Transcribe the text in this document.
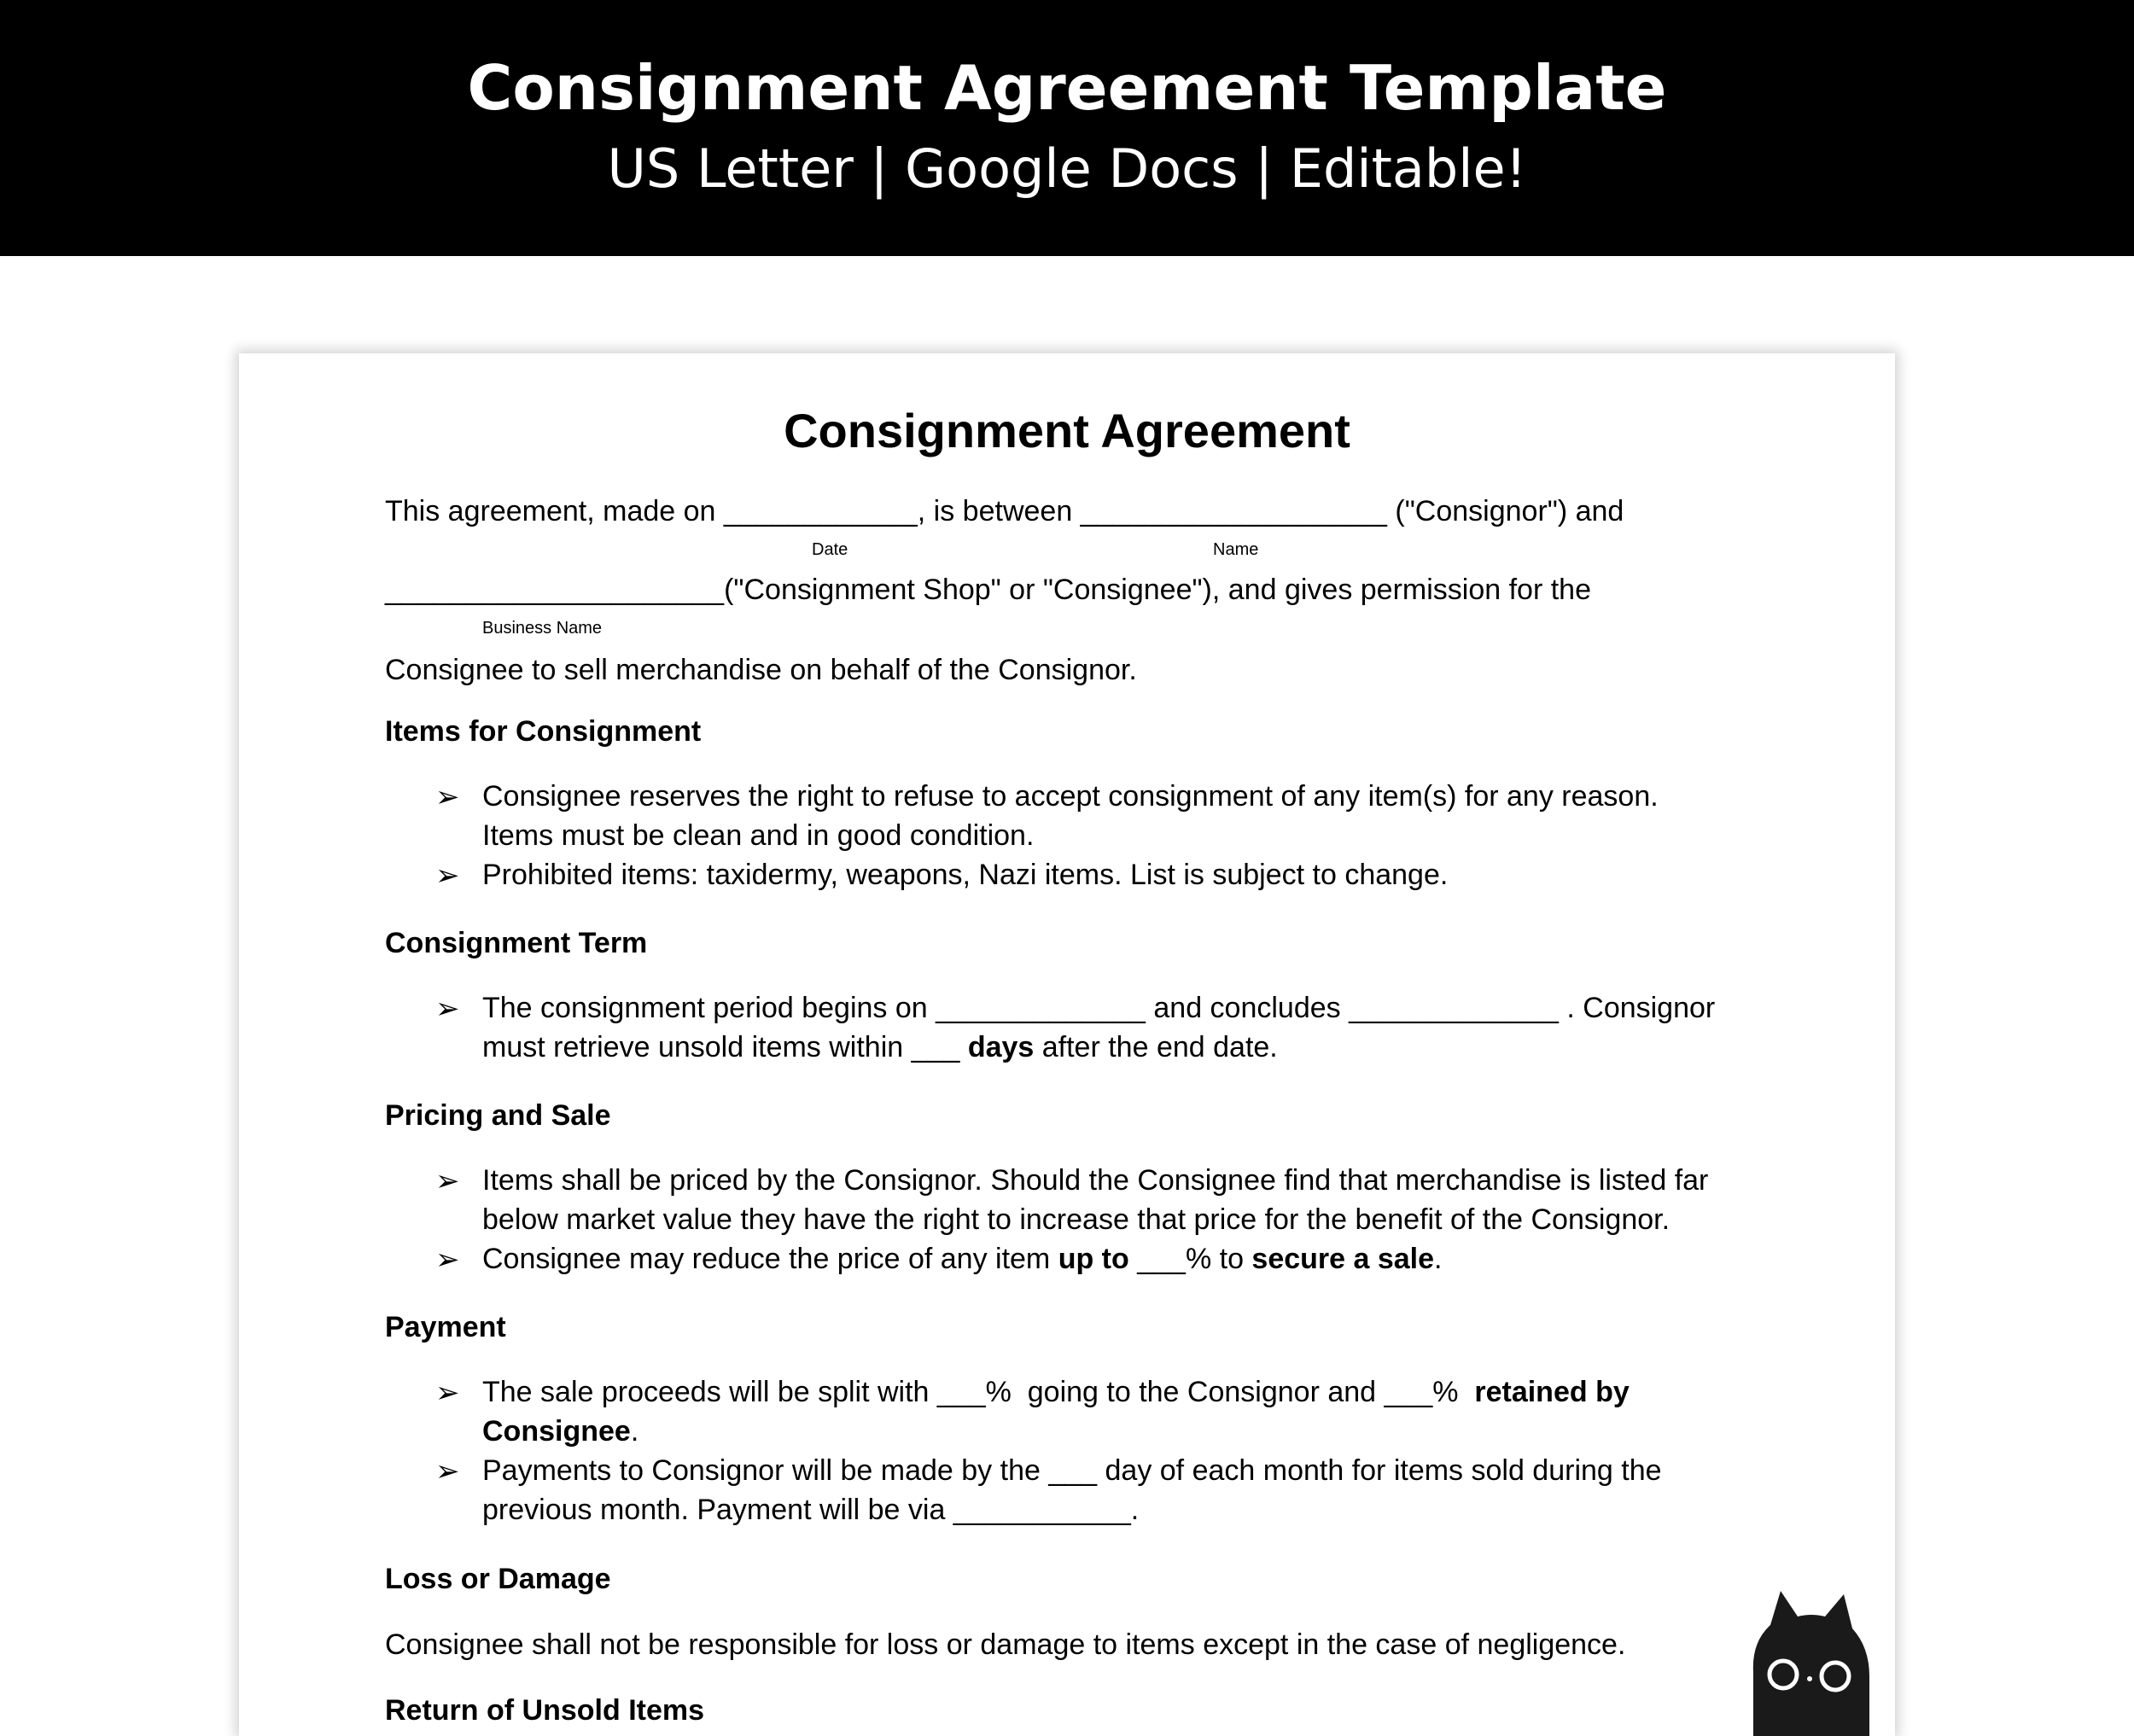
Consignment Agreement Template
US Letter | Google Docs | Editable!
Consignment Agreement
This agreement, made on ____________, is between ___________________ ("Consignor") and
Date	Name
_____________________("Consignment Shop" or "Consignee"), and gives permission for the
Business Name
Consignee to sell merchandise on behalf of the Consignor.
Items for Consignment
➢ Consignee reserves the right to refuse to accept consignment of any item(s) for any reason.
Items must be clean and in good condition.
➢ Prohibited items: taxidermy, weapons, Nazi items. List is subject to change.
Consignment Term
➢ The consignment period begins on _____________ and concludes _____________ . Consignor
must retrieve unsold items within ___ days after the end date.
Pricing and Sale
➢ Items shall be priced by the Consignor. Should the Consignee find that merchandise is listed far
below market value they have the right to increase that price for the benefit of the Consignor.
➢ Consignee may reduce the price of any item up to ___% to secure a sale.
Payment
➢ The sale proceeds will be split with ___%  going to the Consignor and ___%  retained by
Consignee.
➢ Payments to Consignor will be made by the ___ day of each month for items sold during the
previous month. Payment will be via ___________.
Loss or Damage
Consignee shall not be responsible for loss or damage to items except in the case of negligence.
Return of Unsold Items
